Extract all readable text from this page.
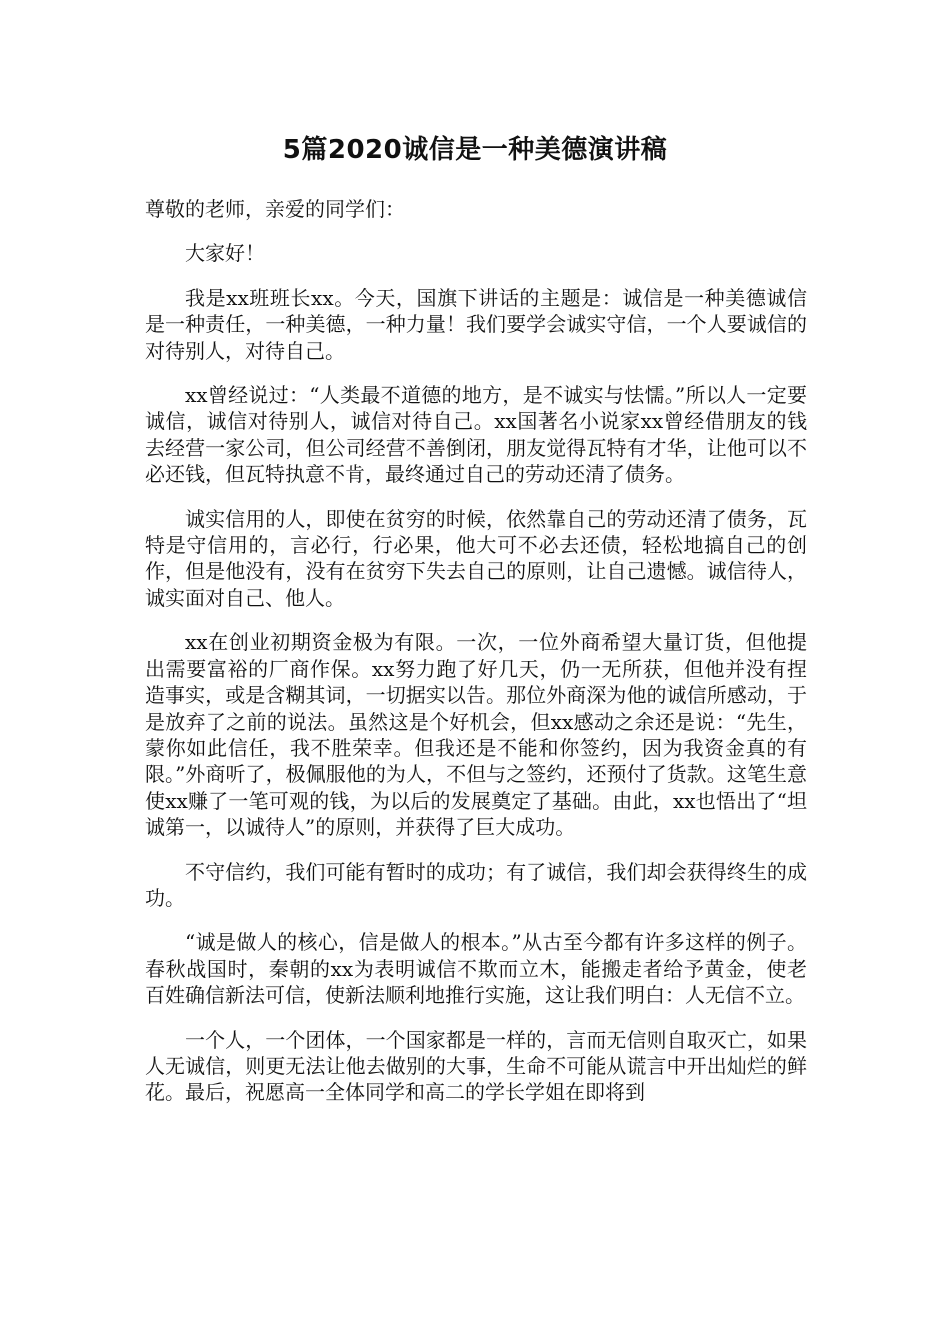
5篇2020诚信是一种美德演讲稿

尊敬的老师，亲爱的同学们：

大家好！

我是xx班班长xx。今天，国旗下讲话的主题是：诚信是一种美德诚信是一种责任，一种美德，一种力量！我们要学会诚实守信，一个人要诚信的对待别人，对待自己。

xx曾经说过：“人类最不道德的地方，是不诚实与怯懦。”所以人一定要诚信，诚信对待别人，诚信对待自己。xx国著名小说家xx曾经借朋友的钱去经营一家公司，但公司经营不善倒闭，朋友觉得瓦特有才华，让他可以不必还钱，但瓦特执意不肯，最终通过自己的劳动还清了债务。

诚实信用的人，即使在贫穷的时候，依然靠自己的劳动还清了债务，瓦特是守信用的，言必行，行必果，他大可不必去还债，轻松地搞自己的创作，但是他没有，没有在贫穷下失去自己的原则，让自己遗憾。诚信待人，诚实面对自己、他人。

xx在创业初期资金极为有限。一次，一位外商希望大量订货，但他提出需要富裕的厂商作保。xx努力跑了好几天，仍一无所获，但他并没有捏造事实，或是含糊其词，一切据实以告。那位外商深为他的诚信所感动，于是放弃了之前的说法。虽然这是个好机会，但xx感动之余还是说：“先生，蒙你如此信任，我不胜荣幸。但我还是不能和你签约，因为我资金真的有限。”外商听了，极佩服他的为人，不但与之签约，还预付了货款。这笔生意使xx赚了一笔可观的钱，为以后的发展奠定了基础。由此，xx也悟出了“坦诚第一，以诚待人”的原则，并获得了巨大成功。

不守信约，我们可能有暂时的成功；有了诚信，我们却会获得终生的成功。

“诚是做人的核心，信是做人的根本。”从古至今都有许多这样的例子。春秋战国时，秦朝的xx为表明诚信不欺而立木，能搬走者给予黄金，使老百姓确信新法可信，使新法顺利地推行实施，这让我们明白：人无信不立。

一个人，一个团体，一个国家都是一样的，言而无信则自取灭亡，如果人无诚信，则更无法让他去做别的大事，生命不可能从谎言中开出灿烂的鲜花。最后，祝愿高一全体同学和高二的学长学姐在即将到
